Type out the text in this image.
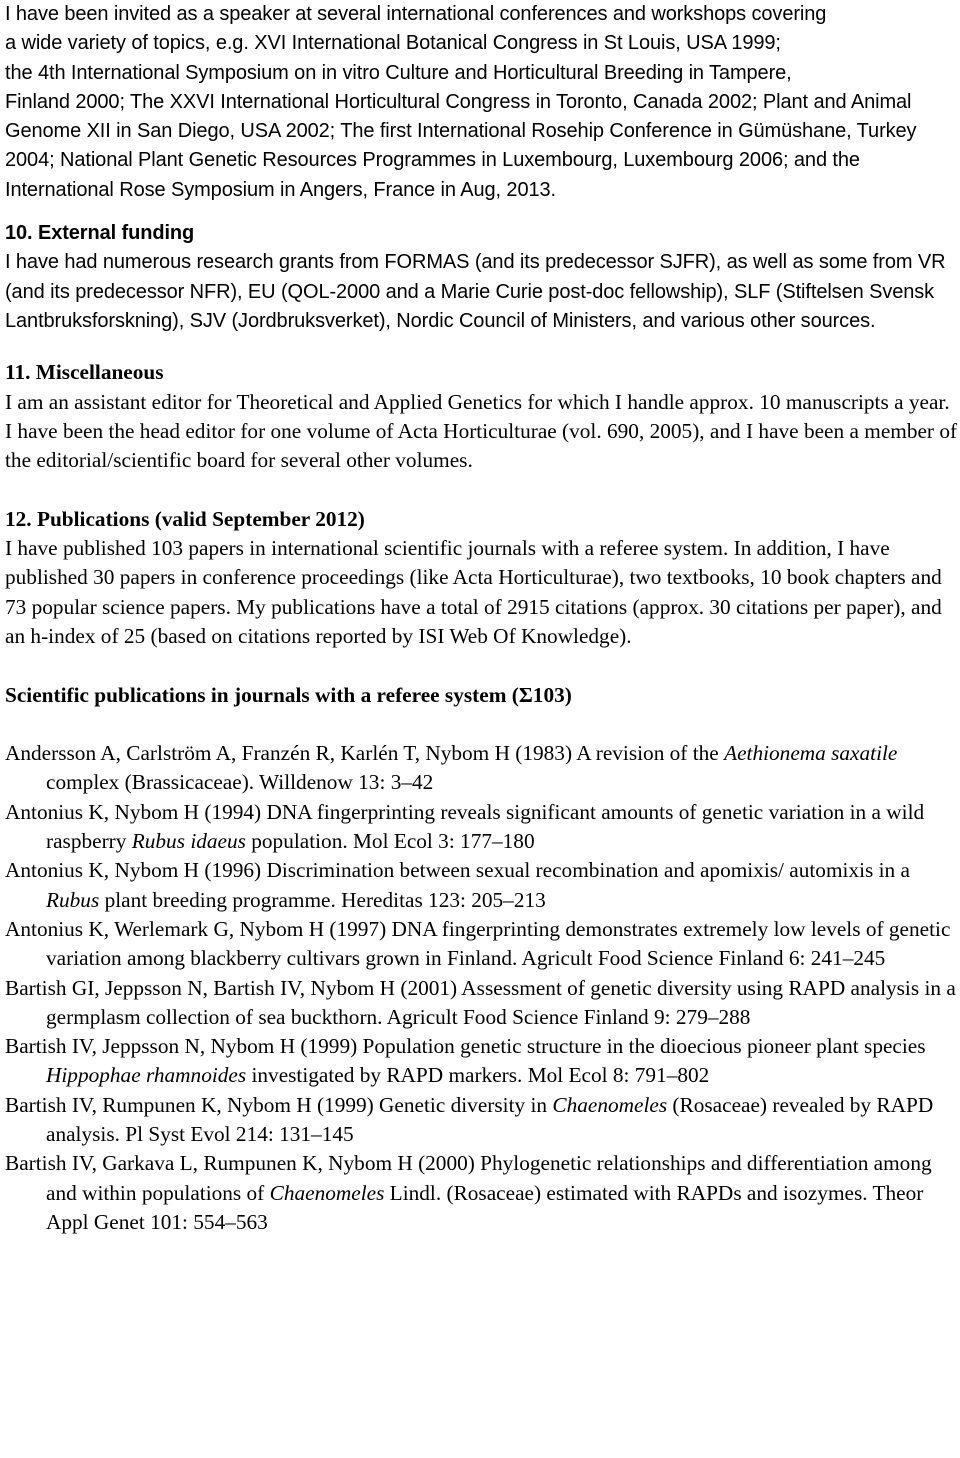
I have been invited as a speaker at several international conferences and workshops covering

a wide variety of topics, e.g. XVI International Botanical Congress in St Louis, USA 1999;

the 4th International Symposium on in vitro Culture and Horticultural Breeding in Tampere,

Finland 2000; The XXVI International Horticultural Congress in Toronto, Canada 2002; Plant and Animal Genome XII in San Diego, USA 2002; The first International Rosehip Conference in Gümüshane, Turkey 2004; National Plant Genetic Resources Programmes in Luxembourg, Luxembourg 2006; and the International Rose Symposium in Angers, France in Aug, 2013.

10. External funding

I have had numerous research grants from FORMAS (and its predecessor SJFR), as well as some from VR (and its predecessor NFR), EU (QOL-2000 and a Marie Curie post-doc fellowship), SLF (Stiftelsen Svensk Lantbruksforskning), SJV (Jordbruksverket), Nordic Council of Ministers, and various other sources.

11. Miscellaneous

I am an assistant editor for Theoretical and Applied Genetics for which I handle approx. 10 manuscripts a year. I have been the head editor for one volume of Acta Horticulturae (vol. 690, 2005), and I have been a member of the editorial/scientific board for several other volumes.

12. Publications (valid September 2012)

I have published 103 papers in international scientific journals with a referee system. In addition, I have published 30 papers in conference proceedings (like Acta Horticulturae), two textbooks, 10 book chapters and 73 popular science papers. My publications have a total of 2915 citations (approx. 30 citations per paper), and an h-index of 25 (based on citations reported by ISI Web Of Knowledge).

Scientific publications in journals with a referee system (Σ103)

Andersson A, Carlström A, Franzén R, Karlén T, Nybom H (1983) A revision of the Aethionema saxatile complex (Brassicaceae). Willdenow 13: 3–42

Antonius K, Nybom H (1994) DNA fingerprinting reveals significant amounts of genetic variation in a wild raspberry Rubus idaeus population. Mol Ecol 3: 177–180

Antonius K, Nybom H (1996) Discrimination between sexual recombination and apomixis/ automixis in a Rubus plant breeding programme. Hereditas 123: 205–213

Antonius K, Werlemark G, Nybom H (1997) DNA fingerprinting demonstrates extremely low levels of genetic variation among blackberry cultivars grown in Finland. Agricult Food Science Finland 6: 241–245

Bartish GI, Jeppsson N, Bartish IV, Nybom H (2001) Assessment of genetic diversity using RAPD analysis in a germplasm collection of sea buckthorn. Agricult Food Science Finland 9: 279–288

Bartish IV, Jeppsson N, Nybom H (1999) Population genetic structure in the dioecious pioneer plant species Hippophae rhamnoides investigated by RAPD markers. Mol Ecol 8: 791–802

Bartish IV, Rumpunen K, Nybom H (1999) Genetic diversity in Chaenomeles (Rosaceae) revealed by RAPD analysis. Pl Syst Evol 214: 131–145

Bartish IV, Garkava L, Rumpunen K, Nybom H (2000) Phylogenetic relationships and differentiation among and within populations of Chaenomeles Lindl. (Rosaceae) estimated with RAPDs and isozymes. Theor Appl Genet 101: 554–563
